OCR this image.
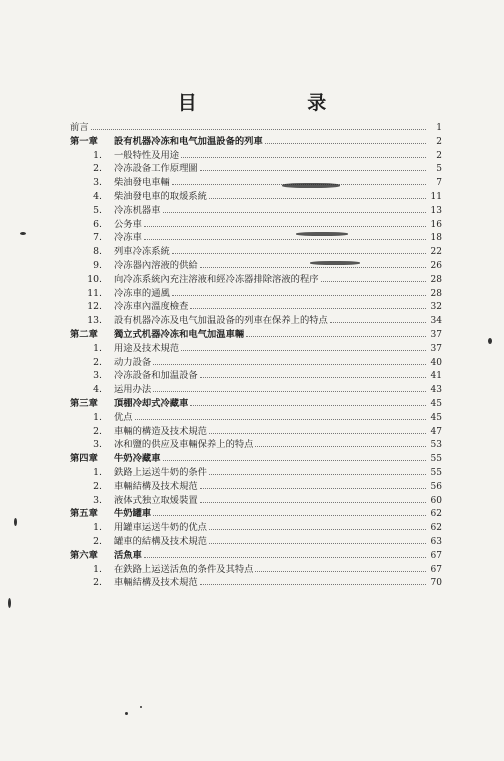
目 录
前言	1
第一章	設有机器冷冻和电气加温設备的列車	2
1. 一般特性及用途	2
2. 冷冻設备工作原理圖	5
3. 柴油發电車輛	7
4. 柴油發电車的取煖系統	11
5. 冷冻机器車	13
6. 公务車	16
7. 冷冻車	18
8. 列車冷冻系統	22
9. 冷冻器內溶液的供給	26
10. 向冷冻系統內充注溶液和經冷冻器排除溶液的程序	28
11. 冷冻車的通風	28
12. 冷冻車內溫度檢查	32
13. 設有机器冷冻及电气加温設备的列車在保养上的特点	34
第二章	獨立式机器冷冻和电气加温車輛	37
1. 用途及技术規范	37
2. 动力設备	40
3. 冷冻設备和加温設备	41
4. 运用办法	43
第三章	頂棚冷却式冷藏車	45
1. 优点	45
2. 車輛的構造及技术規范	47
3. 冰和鹽的供应及車輛保养上的特点	53
第四章	牛奶冷藏車	55
1. 鉄路上运送牛奶的条件	55
2. 車輛結構及技术規范	56
3. 液体式独立取煖裝置	60
第五章	牛奶罐車	62
1. 用罐車运送牛奶的优点	62
2. 罐車的結構及技术規范	63
第六章	活魚車	67
1. 在鉄路上运送活魚的条件及其特点	67
2. 車輛結構及技术規范	70
